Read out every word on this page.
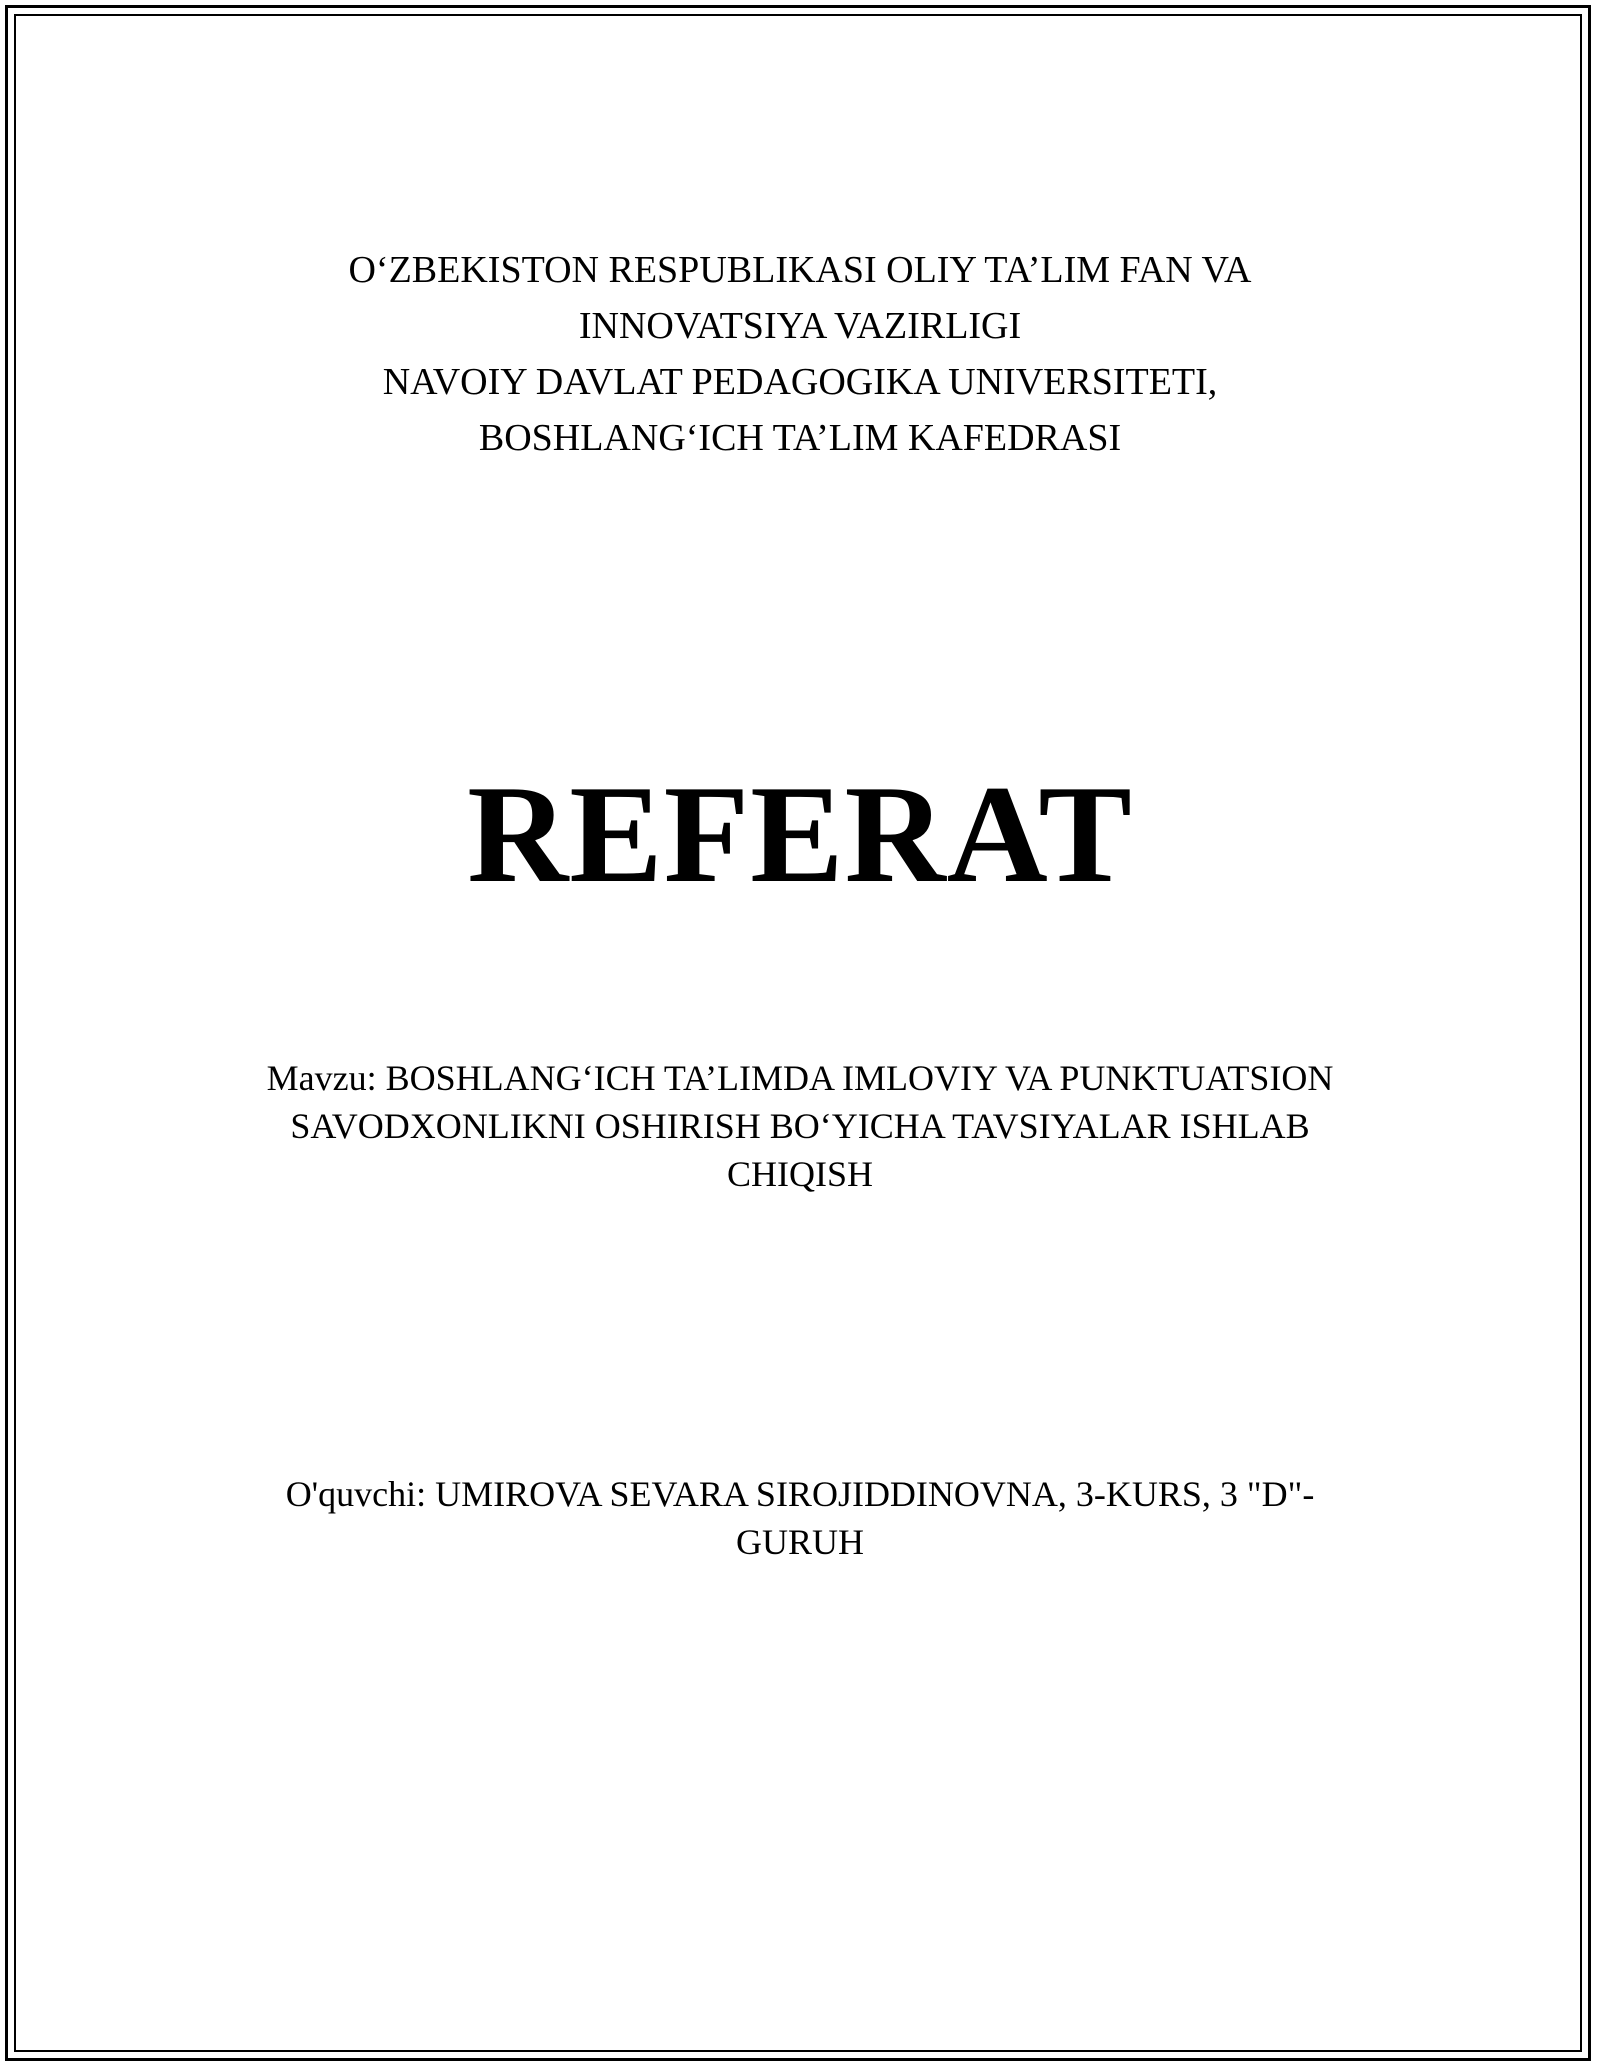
O‘ZBEKISTON RESPUBLIKASI OLIY TA’LIM FAN VA
INNOVATSIYA VAZIRLIGI
NAVOIY DAVLAT PEDAGOGIKA UNIVERSITETI,
BOSHLANG‘ICH TA’LIM KAFEDRASI
REFERAT
Mavzu: BOSHLANG‘ICH TA’LIMDA IMLOVIY VA PUNKTUATSION
SAVODXONLIKNI OSHIRISH BO‘YICHA TAVSIYALAR ISHLAB
CHIQISH
O'quvchi: UMIROVA SEVARA SIROJIDDINOVNA, 3-KURS, 3 "D"-
GURUH
